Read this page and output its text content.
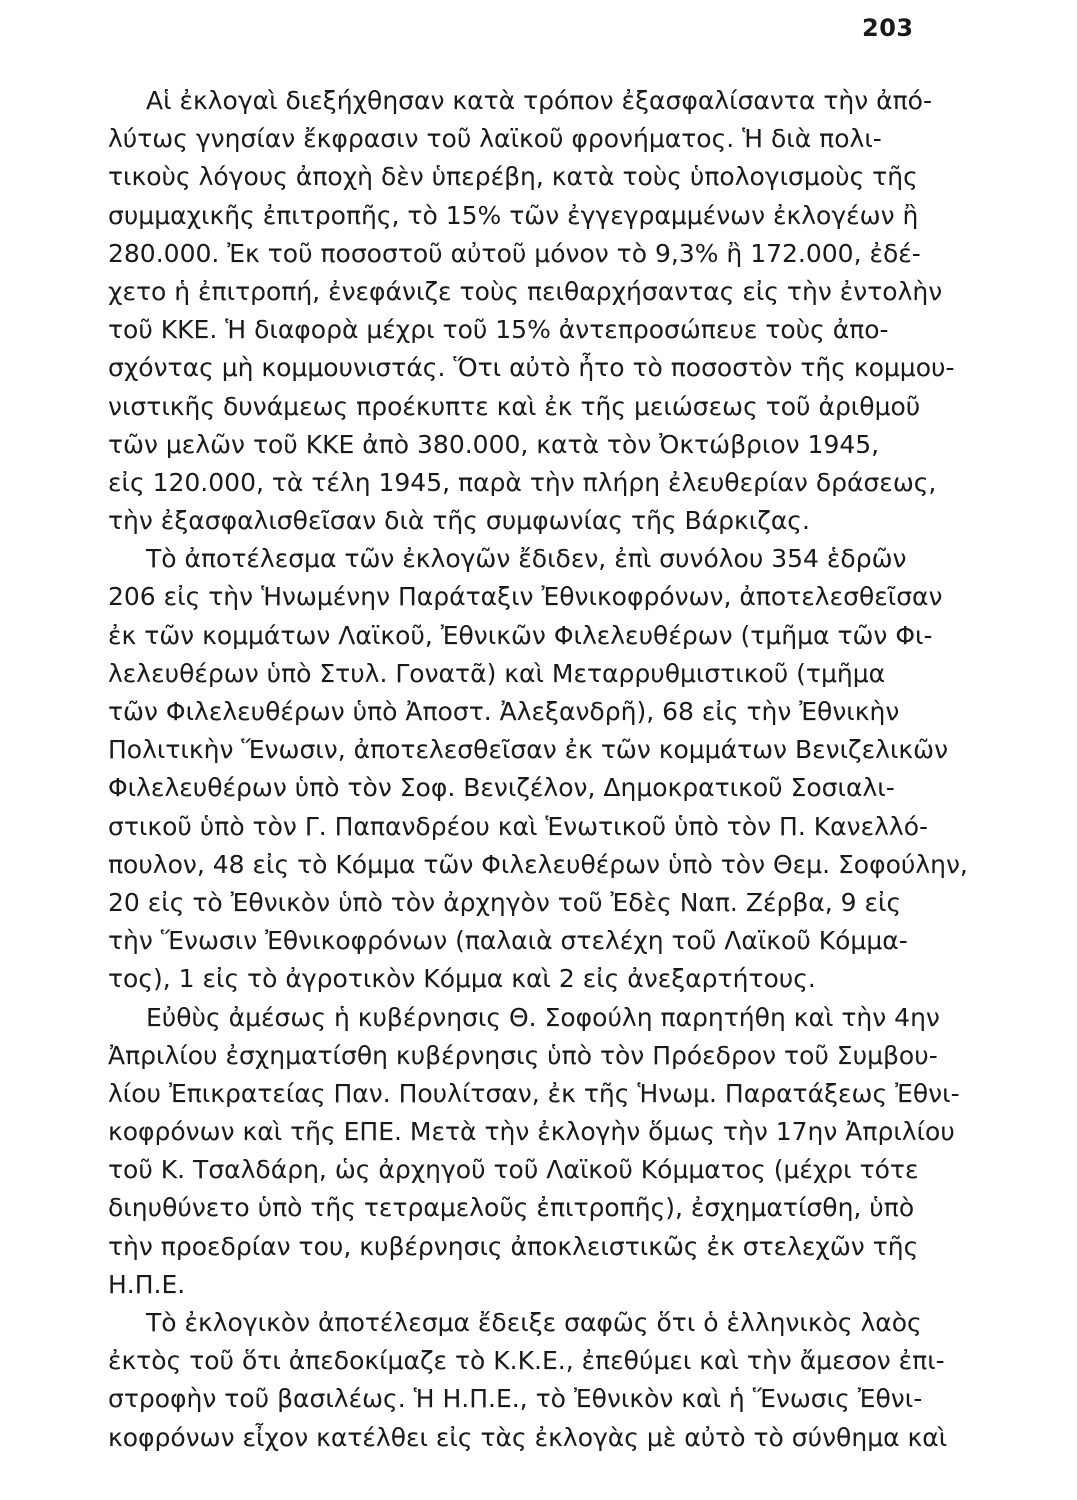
203
Αἱ ἐκλογαὶ διεξήχθησαν κατὰ τρόπον ἐξασφαλίσαντα τὴν ἀπό-
λύτως γνησίαν ἔκφρασιν τοῦ λαϊκοῦ φρονήματος. Ἡ διὰ πολι-
τικοὺς λόγους ἀποχὴ δὲν ὑπερέβη, κατὰ τοὺς ὑπολογισμοὺς τῆς
συμμαχικῆς ἐπιτροπῆς, τὸ 15% τῶν ἐγγεγραμμένων ἐκλογέων ἢ
280.000. Ἐκ τοῦ ποσοστοῦ αὐτοῦ μόνον τὸ 9,3% ἢ 172.000, ἐδέ-
χετο ἡ ἐπιτροπή, ἐνεφάνιζε τοὺς πειθαρχήσαντας εἰς τὴν ἐντολὴν
τοῦ ΚΚΕ. Ἡ διαφορὰ μέχρι τοῦ 15% ἀντεπροσώπευε τοὺς ἀπο-
σχόντας μὴ κομμουνιστάς. Ὅτι αὐτὸ ἦτο τὸ ποσοστὸν τῆς κομμου-
νιστικῆς δυνάμεως προέκυπτε καὶ ἐκ τῆς μειώσεως τοῦ ἀριθμοῦ
τῶν μελῶν τοῦ ΚΚΕ ἀπὸ 380.000, κατὰ τὸν Ὀκτώβριον 1945,
εἰς 120.000, τὰ τέλη 1945, παρὰ τὴν πλήρη ἐλευθερίαν δράσεως,
τὴν ἐξασφαλισθεῖσαν διὰ τῆς συμφωνίας τῆς Βάρκιζας.
Τὸ ἀποτέλεσμα τῶν ἐκλογῶν ἔδιδεν, ἐπὶ συνόλου 354 ἑδρῶν
206 εἰς τὴν Ἡνωμένην Παράταξιν Ἐθνικοφρόνων, ἀποτελεσθεῖσαν
ἐκ τῶν κομμάτων Λαϊκοῦ, Ἐθνικῶν Φιλελευθέρων (τμῆμα τῶν Φι-
λελευθέρων ὑπὸ Στυλ. Γονατᾶ) καὶ Μεταρρυθμιστικοῦ (τμῆμα
τῶν Φιλελευθέρων ὑπὸ Ἀποστ. Ἀλεξανδρῆ), 68 εἰς τὴν Ἐθνικὴν
Πολιτικὴν Ἕνωσιν, ἀποτελεσθεῖσαν ἐκ τῶν κομμάτων Βενιζελικῶν
Φιλελευθέρων ὑπὸ τὸν Σοφ. Βενιζέλον, Δημοκρατικοῦ Σοσιαλι-
στικοῦ ὑπὸ τὸν Γ. Παπανδρέου καὶ Ἑνωτικοῦ ὑπὸ τὸν Π. Κανελλό-
πουλον, 48 εἰς τὸ Κόμμα τῶν Φιλελευθέρων ὑπὸ τὸν Θεμ. Σοφούλην,
20 εἰς τὸ Ἐθνικὸν ὑπὸ τὸν ἀρχηγὸν τοῦ Ἐδὲς Ναπ. Ζέρβα, 9 εἰς
τὴν Ἕνωσιν Ἐθνικοφρόνων (παλαιὰ στελέχη τοῦ Λαϊκοῦ Κόμμα-
τος), 1 εἰς τὸ ἀγροτικὸν Κόμμα καὶ 2 εἰς ἀνεξαρτήτους.
Εὐθὺς ἀμέσως ἡ κυβέρνησις Θ. Σοφούλη παρητήθη καὶ τὴν 4ην
Ἀπριλίου ἐσχηματίσθη κυβέρνησις ὑπὸ τὸν Πρόεδρον τοῦ Συμβου-
λίου Ἐπικρατείας Παν. Πουλίτσαν, ἐκ τῆς Ἡνωμ. Παρατάξεως Ἐθνι-
κοφρόνων καὶ τῆς ΕΠΕ. Μετὰ τὴν ἐκλογὴν ὅμως τὴν 17ην Ἀπριλίου
τοῦ Κ. Τσαλδάρη, ὡς ἀρχηγοῦ τοῦ Λαϊκοῦ Κόμματος (μέχρι τότε
διηυθύνετο ὑπὸ τῆς τετραμελοῦς ἐπιτροπῆς), ἐσχηματίσθη, ὑπὸ
τὴν προεδρίαν του, κυβέρνησις ἀποκλειστικῶς ἐκ στελεχῶν τῆς
Η.Π.Ε.
Τὸ ἐκλογικὸν ἀποτέλεσμα ἔδειξε σαφῶς ὅτι ὁ ἑλληνικὸς λαὸς
ἐκτὸς τοῦ ὅτι ἀπεδοκίμαζε τὸ Κ.Κ.Ε., ἐπεθύμει καὶ τὴν ἄμεσον ἐπι-
στροφὴν τοῦ βασιλέως. Ἡ Η.Π.Ε., τὸ Ἐθνικὸν καὶ ἡ Ἕνωσις Ἐθνι-
κοφρόνων εἶχον κατέλθει εἰς τὰς ἐκλογὰς μὲ αὐτὸ τὸ σύνθημα καὶ
